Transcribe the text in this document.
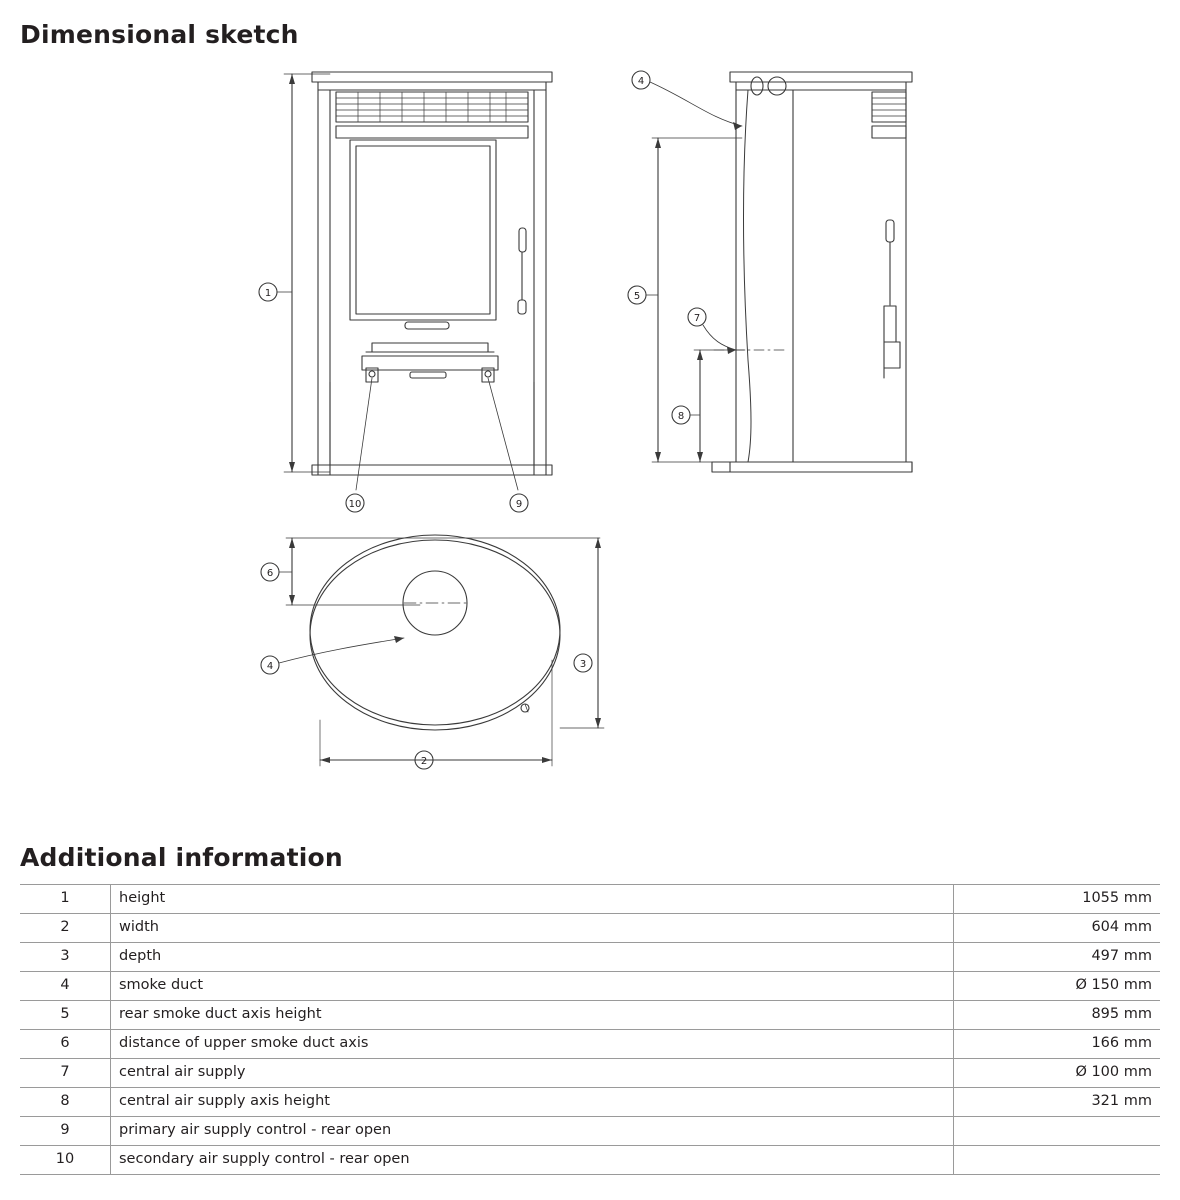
Dimensional sketch
1
10	9
4
5
7
8
6
4	3
2
Additional information
1	height	1055 mm
2	width	604 mm
3	depth	497 mm
4	smoke duct	Ø 150 mm
5	rear smoke duct axis height	895 mm
6	distance of upper smoke duct axis	166 mm
7	central air supply	Ø 100 mm
8	central air supply axis height	321 mm
9	primary air supply control - rear open	
10	secondary air supply control - rear open	
